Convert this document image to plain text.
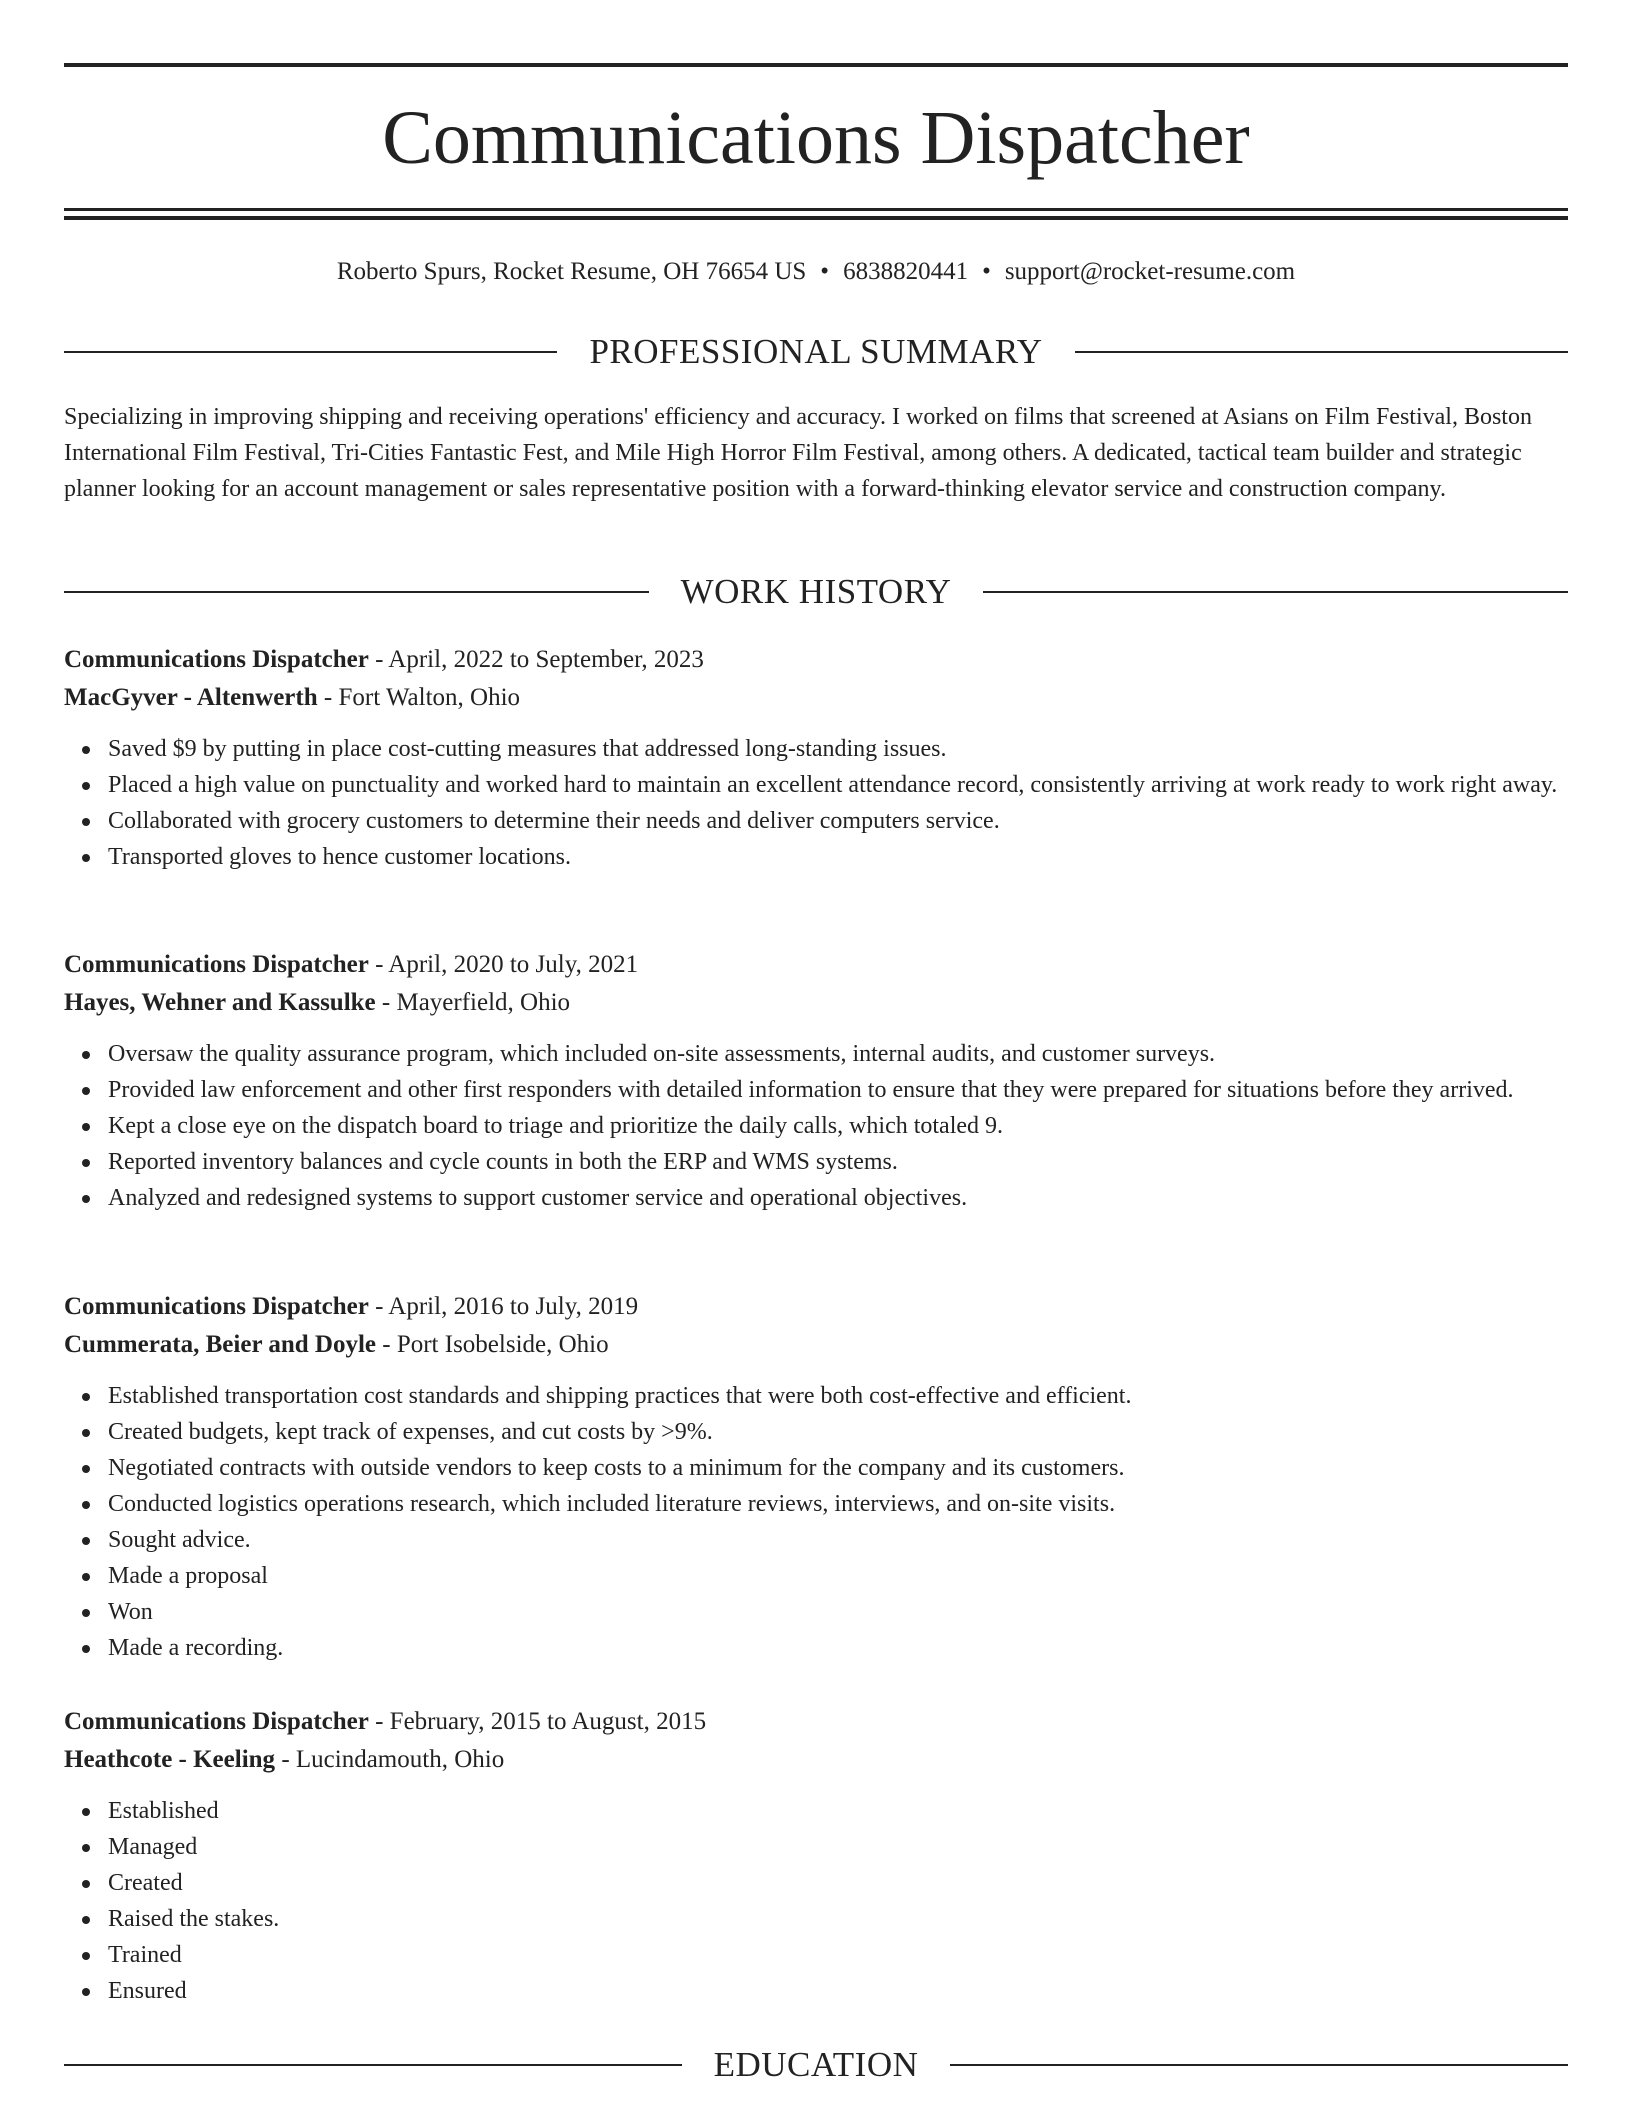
Communications Dispatcher
Roberto Spurs, Rocket Resume, OH 76654 US • 6838820441 • support@rocket-resume.com
PROFESSIONAL SUMMARY
Specializing in improving shipping and receiving operations' efficiency and accuracy. I worked on films that screened at Asians on Film Festival, Boston International Film Festival, Tri-Cities Fantastic Fest, and Mile High Horror Film Festival, among others. A dedicated, tactical team builder and strategic planner looking for an account management or sales representative position with a forward-thinking elevator service and construction company.
WORK HISTORY
Communications Dispatcher - April, 2022 to September, 2023
MacGyver - Altenwerth - Fort Walton, Ohio
Saved $9 by putting in place cost-cutting measures that addressed long-standing issues.
Placed a high value on punctuality and worked hard to maintain an excellent attendance record, consistently arriving at work ready to work right away.
Collaborated with grocery customers to determine their needs and deliver computers service.
Transported gloves to hence customer locations.
Communications Dispatcher - April, 2020 to July, 2021
Hayes, Wehner and Kassulke - Mayerfield, Ohio
Oversaw the quality assurance program, which included on-site assessments, internal audits, and customer surveys.
Provided law enforcement and other first responders with detailed information to ensure that they were prepared for situations before they arrived.
Kept a close eye on the dispatch board to triage and prioritize the daily calls, which totaled 9.
Reported inventory balances and cycle counts in both the ERP and WMS systems.
Analyzed and redesigned systems to support customer service and operational objectives.
Communications Dispatcher - April, 2016 to July, 2019
Cummerata, Beier and Doyle - Port Isobelside, Ohio
Established transportation cost standards and shipping practices that were both cost-effective and efficient.
Created budgets, kept track of expenses, and cut costs by >9%.
Negotiated contracts with outside vendors to keep costs to a minimum for the company and its customers.
Conducted logistics operations research, which included literature reviews, interviews, and on-site visits.
Sought advice.
Made a proposal
Won
Made a recording.
Communications Dispatcher - February, 2015 to August, 2015
Heathcote - Keeling - Lucindamouth, Ohio
Established
Managed
Created
Raised the stakes.
Trained
Ensured
EDUCATION
